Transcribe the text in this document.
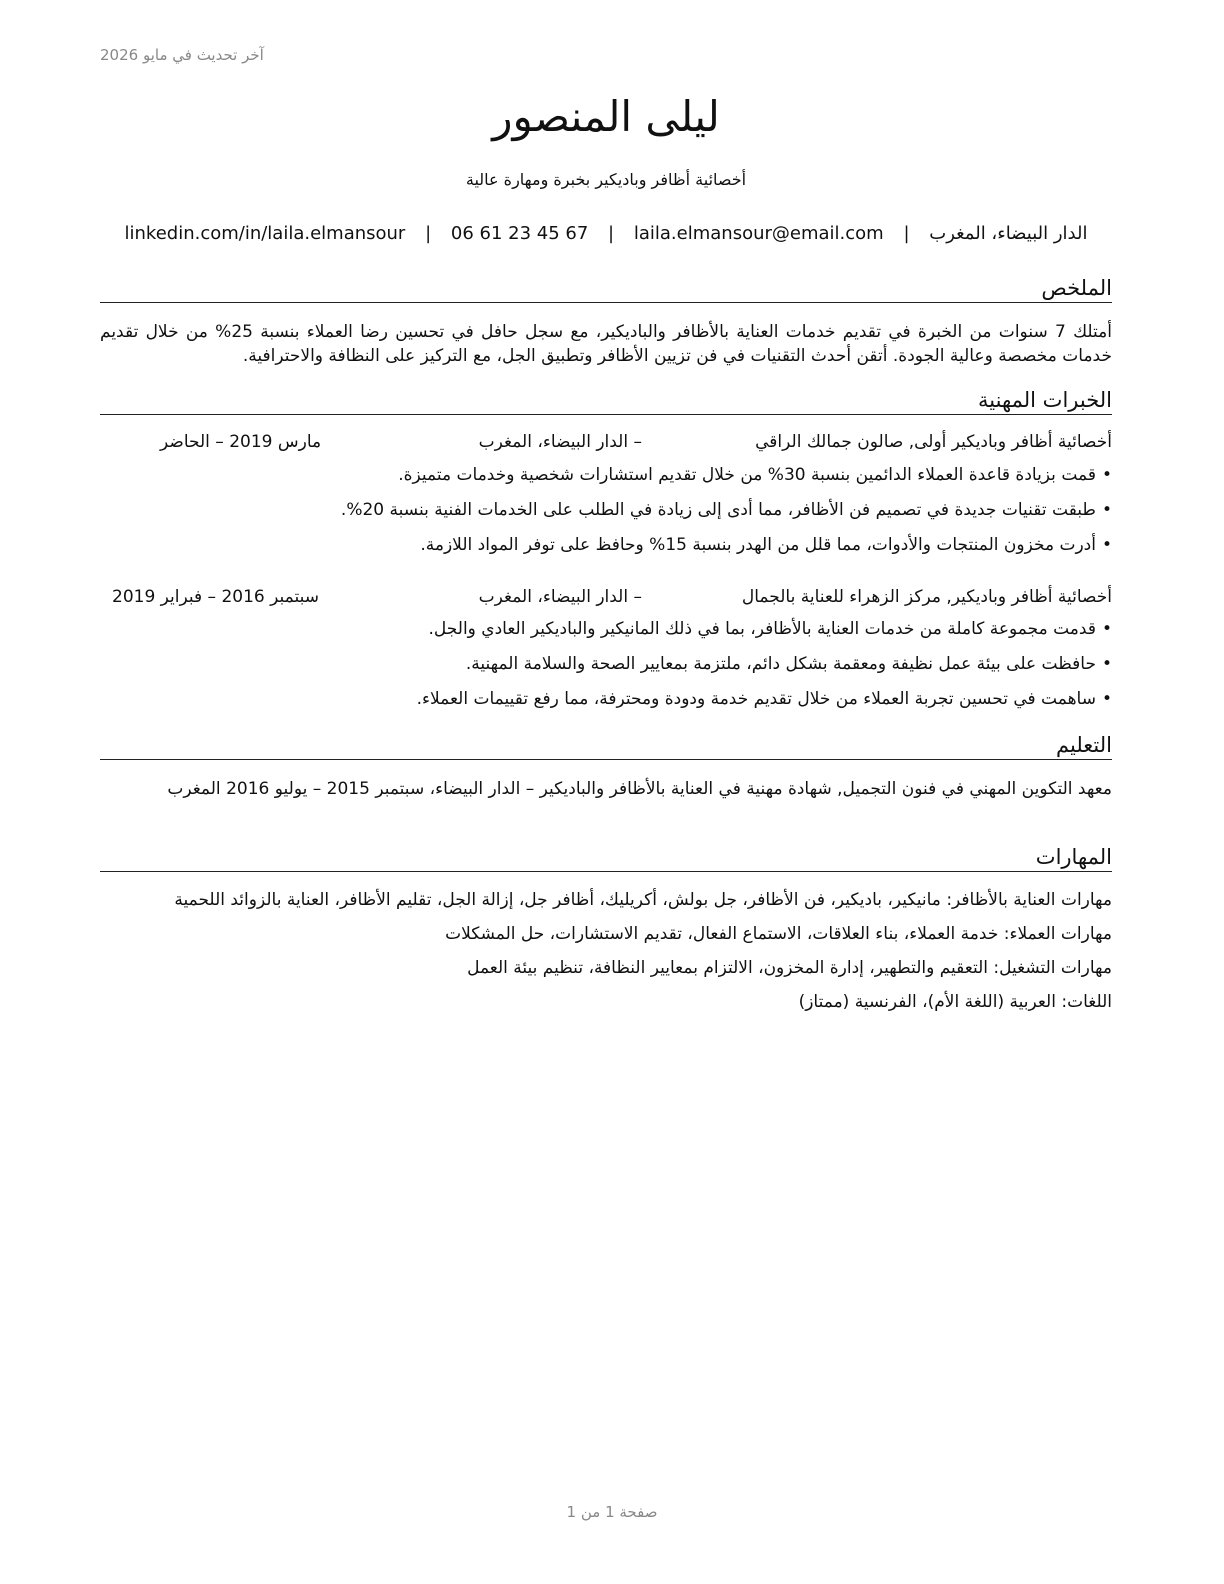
آخر تحديث في مايو 2026
ليلى المنصور
أخصائية أظافر وباديكير بخبرة ومهارة عالية
الدار البيضاء، المغرب | laila.elmansour@email.com | 06 61 23 45 67 | linkedin.com/in/laila.elmansour
الملخص
أمتلك 7 سنوات من الخبرة في تقديم خدمات العناية بالأظافر والباديكير، مع سجل حافل في تحسين رضا العملاء بنسبة 25% من خلال تقديم خدمات مخصصة وعالية الجودة. أتقن أحدث التقنيات في فن تزيين الأظافر وتطبيق الجل، مع التركيز على النظافة والاحترافية.
الخبرات المهنية
أخصائية أظافر وباديكير أولى, صالون جمالك الراقي
– الدار البيضاء، المغرب
مارس 2019 – الحاضر
•قمت بزيادة قاعدة العملاء الدائمين بنسبة 30% من خلال تقديم استشارات شخصية وخدمات متميزة.
•طبقت تقنيات جديدة في تصميم فن الأظافر، مما أدى إلى زيادة في الطلب على الخدمات الفنية بنسبة 20%.
•أدرت مخزون المنتجات والأدوات، مما قلل من الهدر بنسبة 15% وحافظ على توفر المواد اللازمة.
أخصائية أظافر وباديكير, مركز الزهراء للعناية بالجمال
– الدار البيضاء، المغرب
سبتمبر 2016 – فبراير 2019
•قدمت مجموعة كاملة من خدمات العناية بالأظافر، بما في ذلك المانيكير والباديكير العادي والجل.
•حافظت على بيئة عمل نظيفة ومعقمة بشكل دائم، ملتزمة بمعايير الصحة والسلامة المهنية.
•ساهمت في تحسين تجربة العملاء من خلال تقديم خدمة ودودة ومحترفة، مما رفع تقييمات العملاء.
التعليم
معهد التكوين المهني في فنون التجميل, شهادة مهنية في العناية بالأظافر والباديكير – الدار البيضاء، سبتمبر 2015 – يوليو 2016 المغرب
المهارات
مهارات العناية بالأظافر: مانيكير، باديكير، فن الأظافر، جل بولش، أكريليك، أظافر جل، إزالة الجل، تقليم الأظافر، العناية بالزوائد اللحمية
مهارات العملاء: خدمة العملاء، بناء العلاقات، الاستماع الفعال، تقديم الاستشارات، حل المشكلات
مهارات التشغيل: التعقيم والتطهير، إدارة المخزون، الالتزام بمعايير النظافة، تنظيم بيئة العمل
اللغات: العربية (اللغة الأم)، الفرنسية (ممتاز)
صفحة 1 من 1
